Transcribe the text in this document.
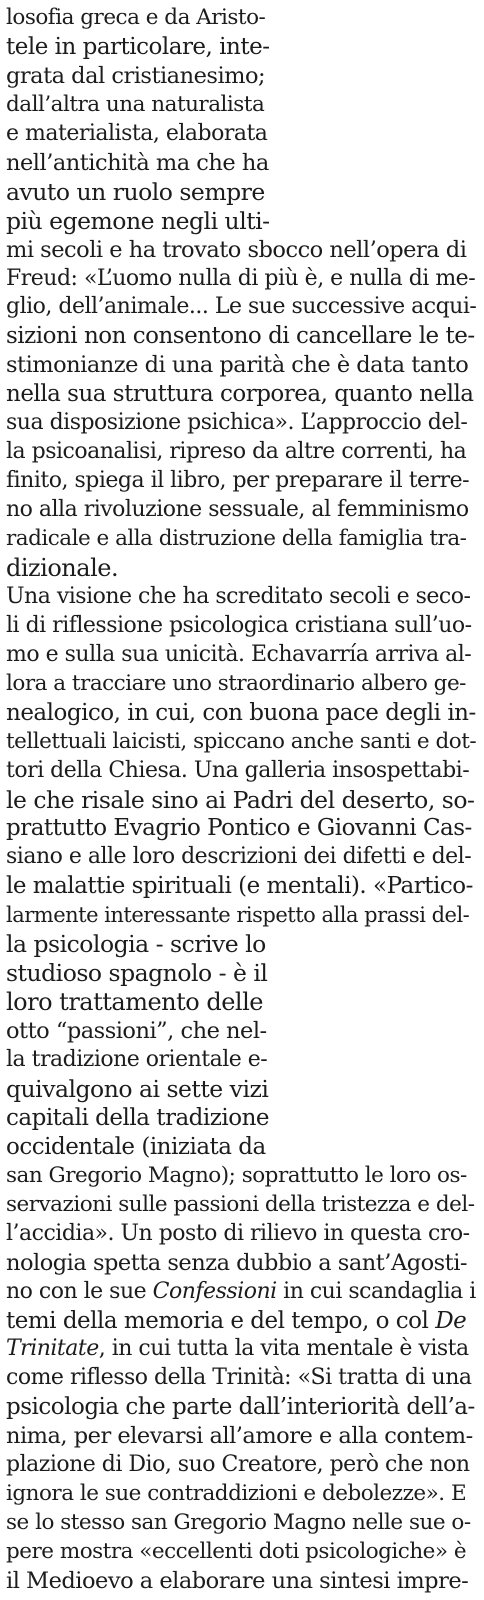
losofia greca e da Aristo-
tele in particolare, inte-
grata dal cristianesimo;
dall’altra una naturalista
e materialista, elaborata
nell’antichità ma che ha
avuto un ruolo sempre
più egemone negli ulti-
mi secoli e ha trovato sbocco nell’opera di
Freud: «L’uomo nulla di più è, e nulla di me-
glio, dell’animale... Le sue successive acqui-
sizioni non consentono di cancellare le te-
stimonianze di una parità che è data tanto
nella sua struttura corporea, quanto nella
sua disposizione psichica». L’approccio del-
la psicoanalisi, ripreso da altre correnti, ha
finito, spiega il libro, per preparare il terre-
no alla rivoluzione sessuale, al femminismo
radicale e alla distruzione della famiglia tra-
dizionale.
Una visione che ha screditato secoli e seco-
li di riflessione psicologica cristiana sull’uo-
mo e sulla sua unicità. Echavarría arriva al-
lora a tracciare uno straordinario albero ge-
nealogico, in cui, con buona pace degli in-
tellettuali laicisti, spiccano anche santi e dot-
tori della Chiesa. Una galleria insospettabi-
le che risale sino ai Padri del deserto, so-
prattutto Evagrio Pontico e Giovanni Cas-
siano e alle loro descrizioni dei difetti e del-
le malattie spirituali (e mentali). «Partico-
larmente interessante rispetto alla prassi del-
la psicologia - scrive lo
studioso spagnolo - è il
loro trattamento delle
otto “passioni”, che nel-
la tradizione orientale e-
quivalgono ai sette vizi
capitali della tradizione
occidentale (iniziata da
san Gregorio Magno); soprattutto le loro os-
servazioni sulle passioni della tristezza e del-
l’accidia». Un posto di rilievo in questa cro-
nologia spetta senza dubbio a sant’Agosti-
no con le sue Confessioni in cui scandaglia i
temi della memoria e del tempo, o col De
Trinitate, in cui tutta la vita mentale è vista
come riflesso della Trinità: «Si tratta di una
psicologia che parte dall’interiorità dell’a-
nima, per elevarsi all’amore e alla contem-
plazione di Dio, suo Creatore, però che non
ignora le sue contraddizioni e debolezze». E
se lo stesso san Gregorio Magno nelle sue o-
pere mostra «eccellenti doti psicologiche» è
il Medioevo a elaborare una sintesi impre-
